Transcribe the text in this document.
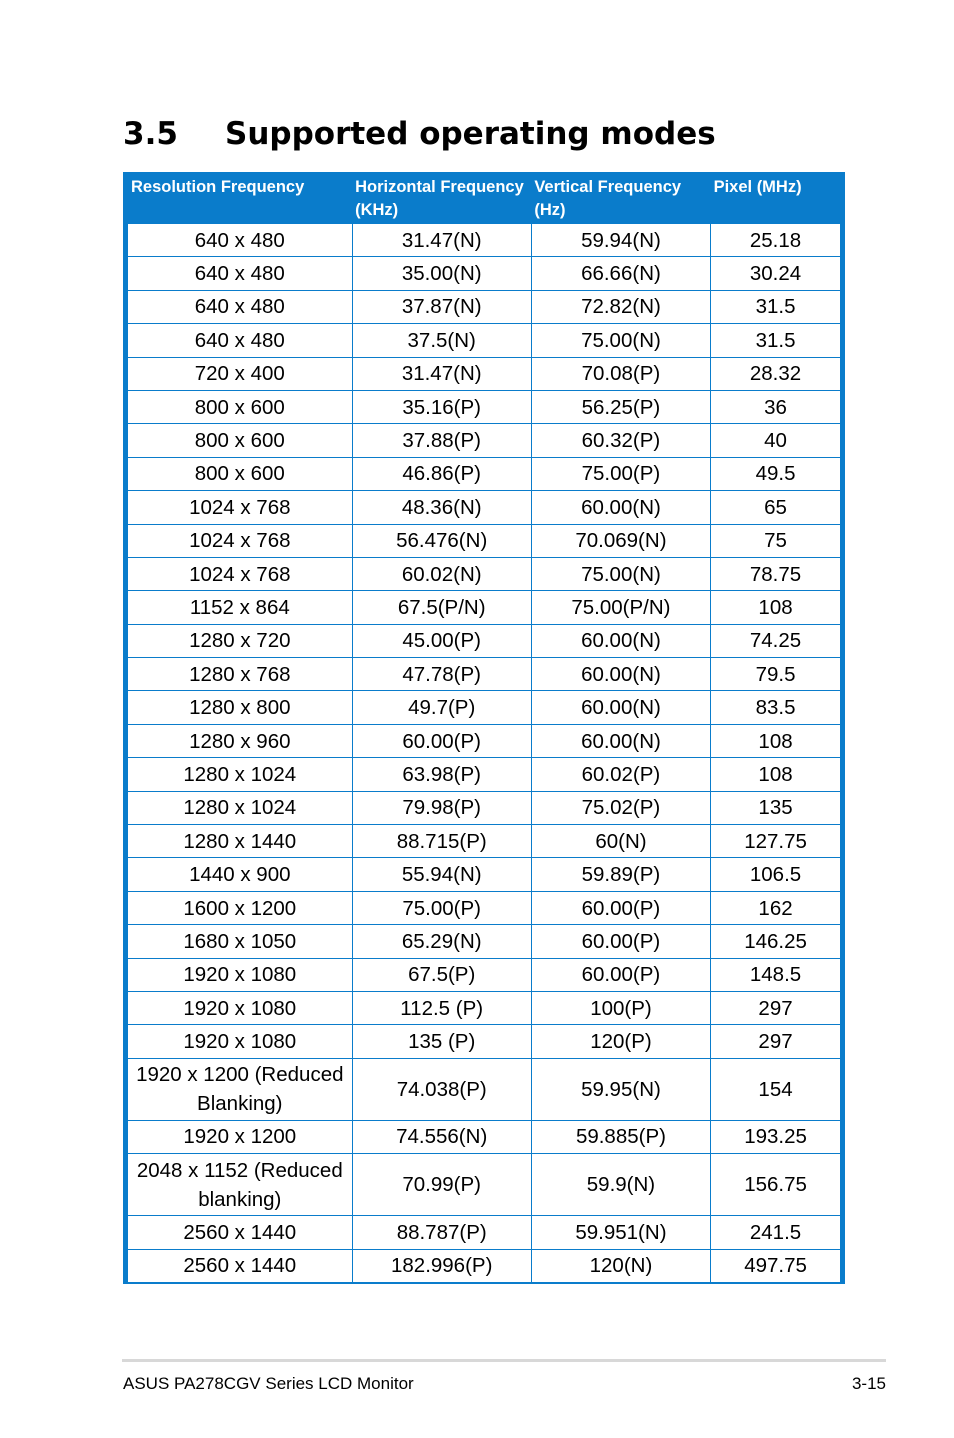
3.5 Supported operating modes
Resolution Frequency	Horizontal Frequency (KHz)	Vertical Frequency (Hz)	Pixel (MHz)
640 x 480	31.47(N)	59.94(N)	25.18
640 x 480	35.00(N)	66.66(N)	30.24
640 x 480	37.87(N)	72.82(N)	31.5
640 x 480	37.5(N)	75.00(N)	31.5
720 x 400	31.47(N)	70.08(P)	28.32
800 x 600	35.16(P)	56.25(P)	36
800 x 600	37.88(P)	60.32(P)	40
800 x 600	46.86(P)	75.00(P)	49.5
1024 x 768	48.36(N)	60.00(N)	65
1024 x 768	56.476(N)	70.069(N)	75
1024 x 768	60.02(N)	75.00(N)	78.75
1152 x 864	67.5(P/N)	75.00(P/N)	108
1280 x 720	45.00(P)	60.00(N)	74.25
1280 x 768	47.78(P)	60.00(N)	79.5
1280 x 800	49.7(P)	60.00(N)	83.5
1280 x 960	60.00(P)	60.00(N)	108
1280 x 1024	63.98(P)	60.02(P)	108
1280 x 1024	79.98(P)	75.02(P)	135
1280 x 1440	88.715(P)	60(N)	127.75
1440 x 900	55.94(N)	59.89(P)	106.5
1600 x 1200	75.00(P)	60.00(P)	162
1680 x 1050	65.29(N)	60.00(P)	146.25
1920 x 1080	67.5(P)	60.00(P)	148.5
1920 x 1080	112.5 (P)	100(P)	297
1920 x 1080	135 (P)	120(P)	297
1920 x 1200 (Reduced Blanking)	74.038(P)	59.95(N)	154
1920 x 1200	74.556(N)	59.885(P)	193.25
2048 x 1152 (Reduced blanking)	70.99(P)	59.9(N)	156.75
2560 x 1440	88.787(P)	59.951(N)	241.5
2560 x 1440	182.996(P)	120(N)	497.75
ASUS PA278CGV Series LCD Monitor	3-15
